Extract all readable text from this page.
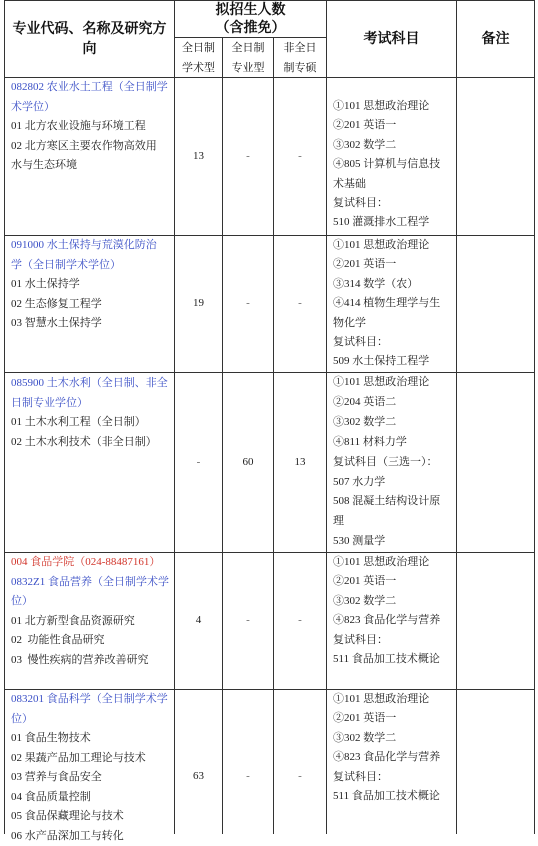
专业代码、名称及研究方向
拟招生人数（含推免）
全日制学术型
全日制专业型
非全日制专硕
考试科目	备注
082802 农业水土工程（全日制学
术学位）
01 北方农业设施与环境工程
02 北方寒区主要农作物高效用
水与生态环境
13	-	-
①101 思想政治理论
②201 英语一
③302 数学二
④805 计算机与信息技
术基础
复试科目：
510 灌溉排水工程学
091000 水土保持与荒漠化防治
学（全日制学术学位）
01 水土保持学
02 生态修复工程学
03 智慧水土保持学
19	-	-
①101 思想政治理论
②201 英语一
③314 数学（农）
④414 植物生理学与生
物化学
复试科目：
509 水土保持工程学
085900 土木水利（全日制、非全
日制专业学位）
01 土木水利工程（全日制）
02 土木水利技术（非全日制）
-	60	13
①101 思想政治理论
②204 英语二
③302 数学二
④811 材料力学
复试科目（三选一）：
507 水力学
508 混凝土结构设计原
理
530 测量学
004 食品学院（024-88487161）
0832Z1 食品营养（全日制学术学
位）
01 北方新型食品资源研究
02  功能性食品研究
03  慢性疾病的营养改善研究
4	-	-
①101 思想政治理论
②201 英语一
③302 数学二
④823 食品化学与营养
复试科目：
511 食品加工技术概论
083201 食品科学（全日制学术学
位）
01 食品生物技术
02 果蔬产品加工理论与技术
03 营养与食品安全
04 食品质量控制
05 食品保藏理论与技术
06 水产品深加工与转化
63	-	-
①101 思想政治理论
②201 英语一
③302 数学二
④823 食品化学与营养
复试科目：
511 食品加工技术概论
